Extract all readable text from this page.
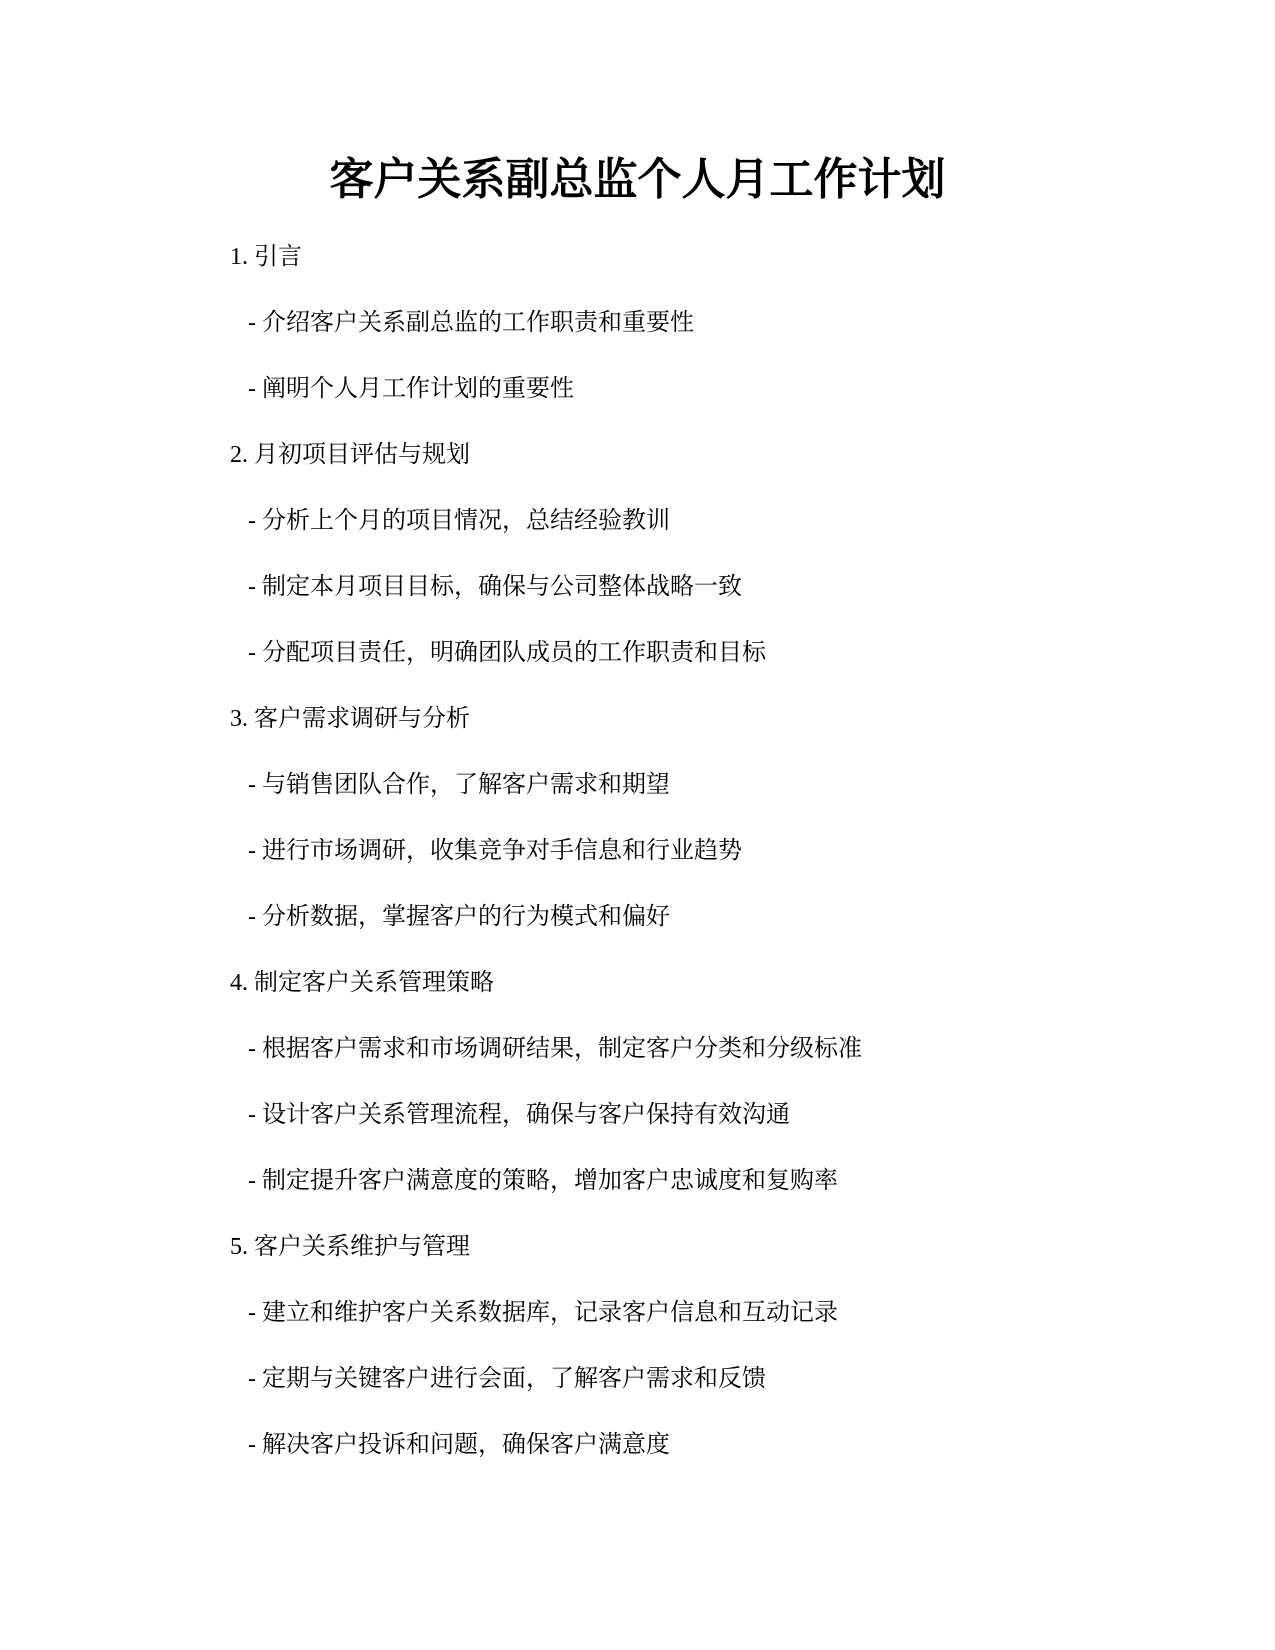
客户关系副总监个人月工作计划
1. 引言
- 介绍客户关系副总监的工作职责和重要性
- 阐明个人月工作计划的重要性
2. 月初项目评估与规划
- 分析上个月的项目情况，总结经验教训
- 制定本月项目目标，确保与公司整体战略一致
- 分配项目责任，明确团队成员的工作职责和目标
3. 客户需求调研与分析
- 与销售团队合作，了解客户需求和期望
- 进行市场调研，收集竞争对手信息和行业趋势
- 分析数据，掌握客户的行为模式和偏好
4. 制定客户关系管理策略
- 根据客户需求和市场调研结果，制定客户分类和分级标准
- 设计客户关系管理流程，确保与客户保持有效沟通
- 制定提升客户满意度的策略，增加客户忠诚度和复购率
5. 客户关系维护与管理
- 建立和维护客户关系数据库，记录客户信息和互动记录
- 定期与关键客户进行会面，了解客户需求和反馈
- 解决客户投诉和问题，确保客户满意度
